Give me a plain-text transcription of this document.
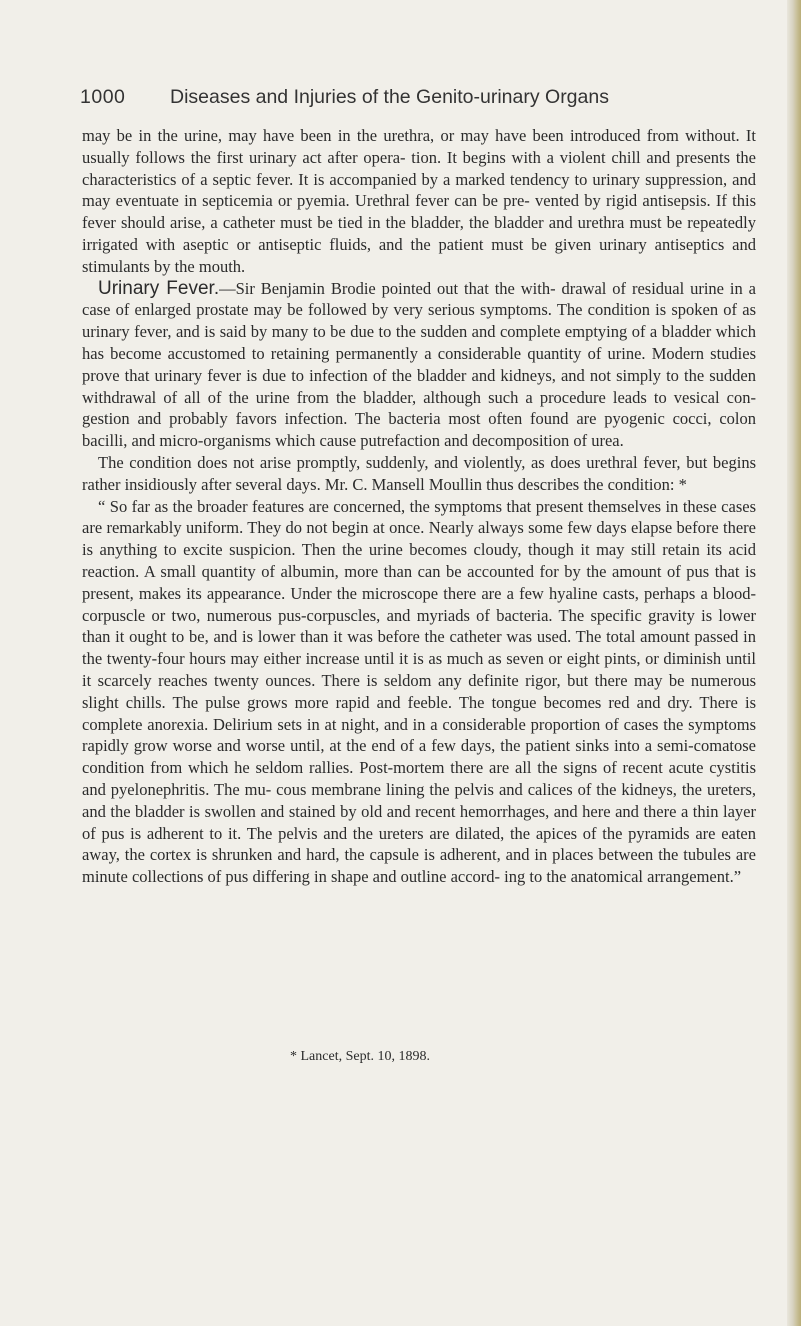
1000 Diseases and Injuries of the Genito-urinary Organs

may be in the urine, may have been in the urethra, or may have been introduced from without. It usually follows the first urinary act after opera- tion. It begins with a violent chill and presents the characteristics of a septic fever. It is accompanied by a marked tendency to urinary suppression, and may eventuate in septicemia or pyemia. Urethral fever can be pre- vented by rigid antisepsis. If this fever should arise, a catheter must be tied in the bladder, the bladder and urethra must be repeatedly irrigated with aseptic or antiseptic fluids, and the patient must be given urinary antiseptics and stimulants by the mouth.

Urinary Fever.—Sir Benjamin Brodie pointed out that the with- drawal of residual urine in a case of enlarged prostate may be followed by very serious symptoms. The condition is spoken of as urinary fever, and is said by many to be due to the sudden and complete emptying of a bladder which has become accustomed to retaining permanently a considerable quantity of urine. Modern studies prove that urinary fever is due to infection of the bladder and kidneys, and not simply to the sudden withdrawal of all of the urine from the bladder, although such a procedure leads to vesical con- gestion and probably favors infection. The bacteria most often found are pyogenic cocci, colon bacilli, and micro-organisms which cause putrefaction and decomposition of urea.

The condition does not arise promptly, suddenly, and violently, as does urethral fever, but begins rather insidiously after several days. Mr. C. Mansell Moullin thus describes the condition: *

“ So far as the broader features are concerned, the symptoms that present themselves in these cases are remarkably uniform. They do not begin at once. Nearly always some few days elapse before there is anything to excite suspicion. Then the urine becomes cloudy, though it may still retain its acid reaction. A small quantity of albumin, more than can be accounted for by the amount of pus that is present, makes its appearance. Under the microscope there are a few hyaline casts, perhaps a blood-corpuscle or two, numerous pus-corpuscles, and myriads of bacteria. The specific gravity is lower than it ought to be, and is lower than it was before the catheter was used. The total amount passed in the twenty-four hours may either increase until it is as much as seven or eight pints, or diminish until it scarcely reaches twenty ounces. There is seldom any definite rigor, but there may be numerous slight chills. The pulse grows more rapid and feeble. The tongue becomes red and dry. There is complete anorexia. Delirium sets in at night, and in a considerable proportion of cases the symptoms rapidly grow worse and worse until, at the end of a few days, the patient sinks into a semi-comatose condition from which he seldom rallies. Post-mortem there are all the signs of recent acute cystitis and pyelonephritis. The mu- cous membrane lining the pelvis and calices of the kidneys, the ureters, and the bladder is swollen and stained by old and recent hemorrhages, and here and there a thin layer of pus is adherent to it. The pelvis and the ureters are dilated, the apices of the pyramids are eaten away, the cortex is shrunken and hard, the capsule is adherent, and in places between the tubules are minute collections of pus differing in shape and outline accord- ing to the anatomical arrangement.”

* Lancet, Sept. 10, 1898.
